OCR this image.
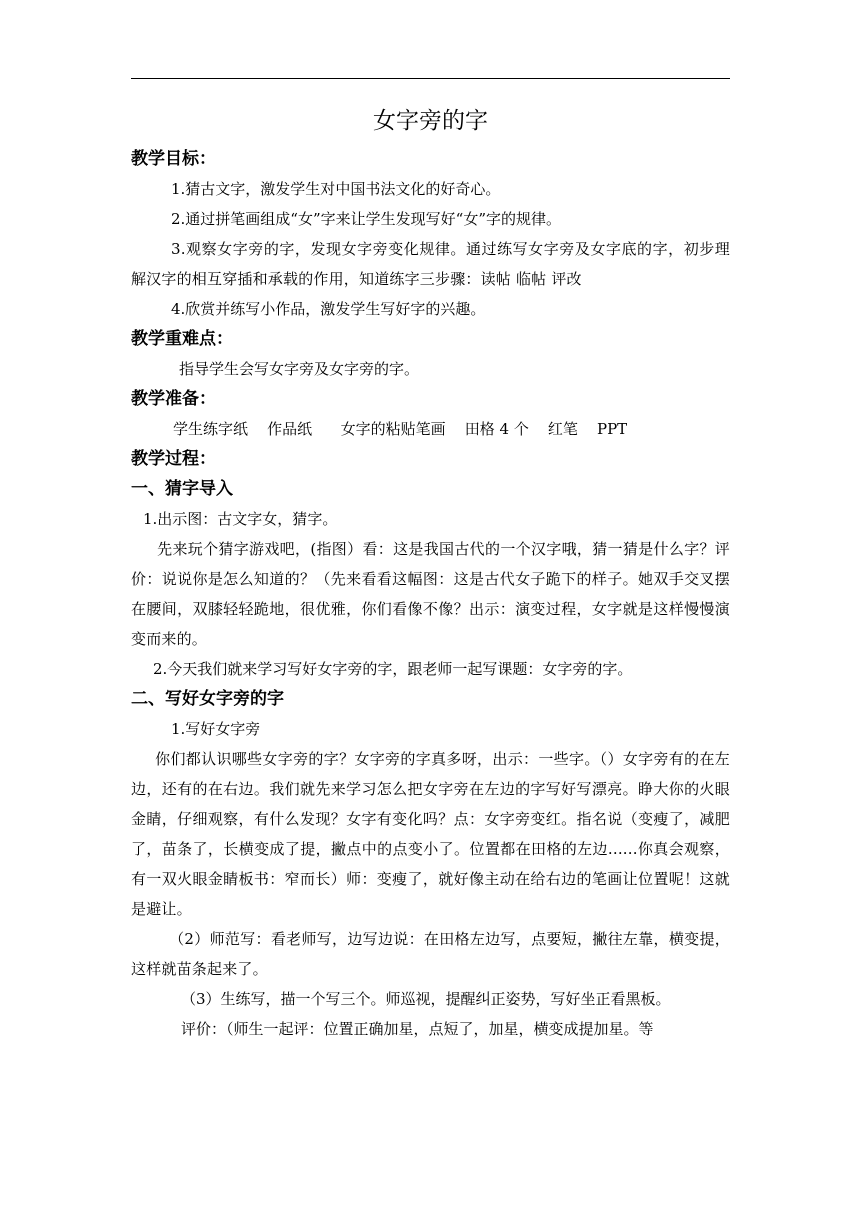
女字旁的字

教学目标：

1.猜古文字，激发学生对中国书法文化的好奇心。

2.通过拼笔画组成“女”字来让学生发现写好“女”字的规律。

3.观察女字旁的字，发现女字旁变化规律。通过练写女字旁及女字底的字，初步理解汉字的相互穿插和承载的作用，知道练字三步骤：读帖 临帖 评改

4.欣赏并练写小作品，激发学生写好字的兴趣。

教学重难点：

指导学生会写女字旁及女字旁的字。

教学准备：

学生练字纸    作品纸      女字的粘贴笔画    田格 4 个    红笔    PPT

教学过程：

一、猜字导入

1.出示图：古文字女，猜字。

先来玩个猜字游戏吧，(指图）看：这是我国古代的一个汉字哦，猜一猜是什么字？评价：说说你是怎么知道的？（先来看看这幅图：这是古代女子跪下的样子。她双手交叉摆在腰间，双膝轻轻跪地，很优雅，你们看像不像？出示：演变过程，女字就是这样慢慢演变而来的。

2.今天我们就来学习写好女字旁的字，跟老师一起写课题：女字旁的字。

二、写好女字旁的字

1.写好女字旁

你们都认识哪些女字旁的字？女字旁的字真多呀，出示：一些字。（）女字旁有的在左边，还有的在右边。我们就先来学习怎么把女字旁在左边的字写好写漂亮。睁大你的火眼金睛，仔细观察，有什么发现？女字有变化吗？点：女字旁变红。指名说（变瘦了，减肥了，苗条了，长横变成了提，撇点中的点变小了。位置都在田格的左边......你真会观察，有一双火眼金睛板书：窄而长）师：变瘦了，就好像主动在给右边的笔画让位置呢！这就是避让。

（2）师范写：看老师写，边写边说：在田格左边写，点要短，撇往左靠，横变提，这样就苗条起来了。

（3）生练写，描一个写三个。师巡视，提醒纠正姿势，写好坐正看黑板。

评价：（师生一起评：位置正确加星，点短了，加星，横变成提加星。等
